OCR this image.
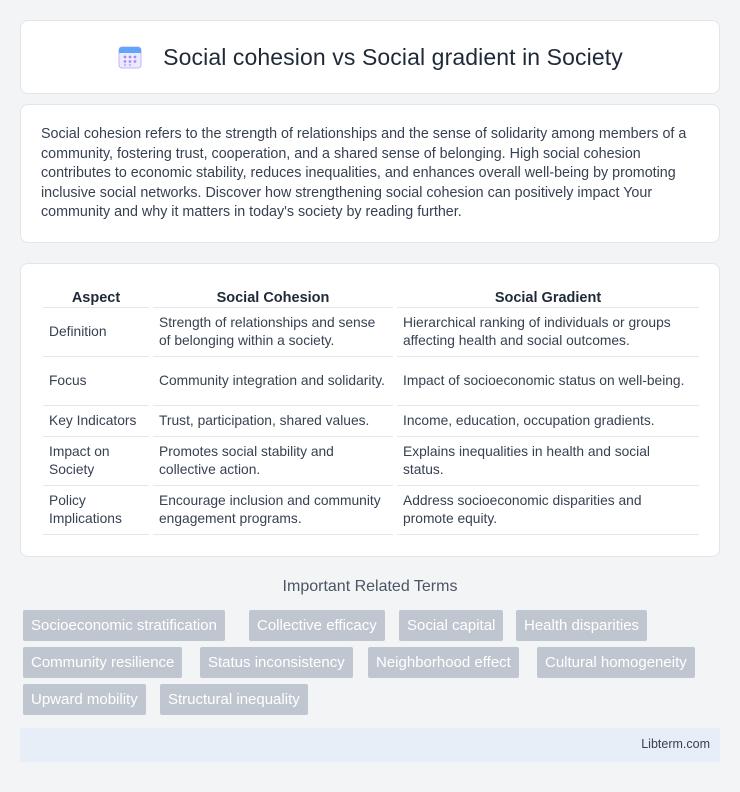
Social cohesion vs Social gradient in Society

Social cohesion refers to the strength of relationships and the sense of solidarity among members of a community, fostering trust, cooperation, and a shared sense of belonging. High social cohesion contributes to economic stability, reduces inequalities, and enhances overall well-being by promoting inclusive social networks. Discover how strengthening social cohesion can positively impact Your community and why it matters in today's society by reading further.

Aspect		Social Cohesion		Social Gradient
Definition		Strength of relationships and sense of belonging within a society.		Hierarchical ranking of individuals or groups affecting health and social outcomes.
Focus		Community integration and solidarity.		Impact of socioeconomic status on well-being.
Key Indicators		Trust, participation, shared values.		Income, education, occupation gradients.
Impact on Society		Promotes social stability and collective action.		Explains inequalities in health and social status.
Policy Implications		Encourage inclusion and community engagement programs.		Address socioeconomic disparities and promote equity.
Important Related Terms
Socioeconomic stratification	Collective efficacy	Social capital	Health disparities
Community resilience	Status inconsistency	Neighborhood effect	Cultural homogeneity
Upward mobility	Structural inequality
Libterm.com
